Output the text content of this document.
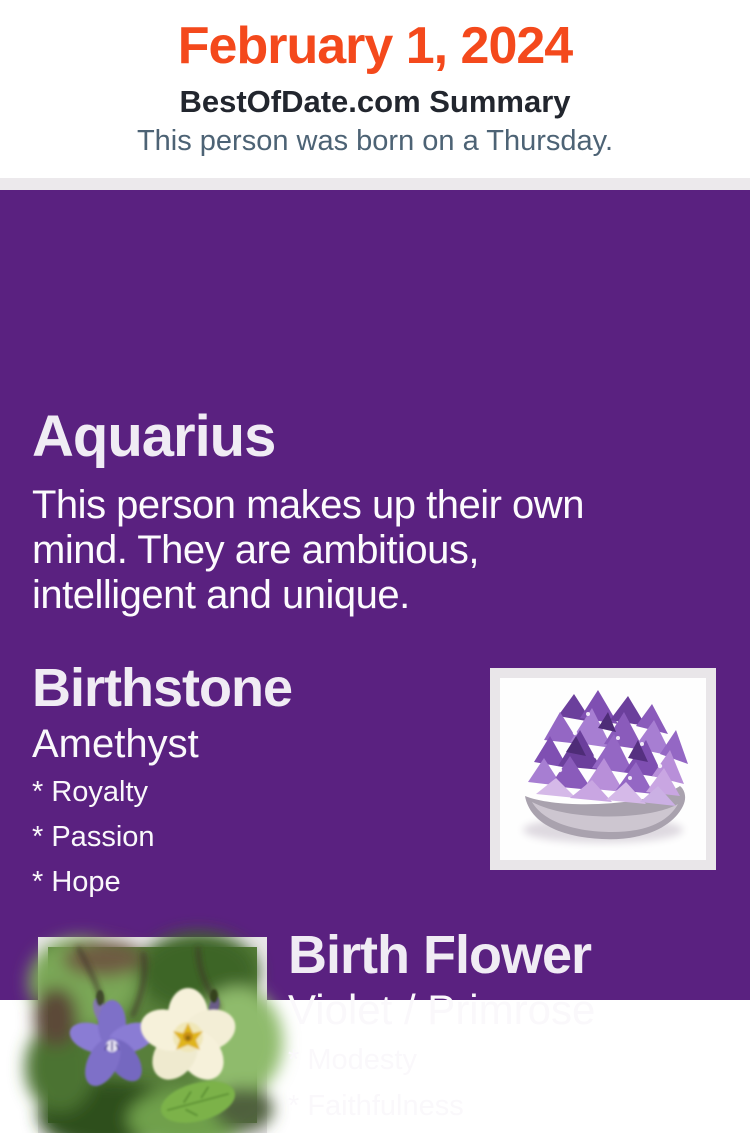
February 1, 2024
BestOfDate.com Summary
This person was born on a Thursday.
Aquarius
This person makes up their own
mind. They are ambitious,
intelligent and unique.
Birthstone
Amethyst
* Royalty
* Passion
* Hope
Birth Flower
Violet / Primrose
* Modesty
* Faithfulness
